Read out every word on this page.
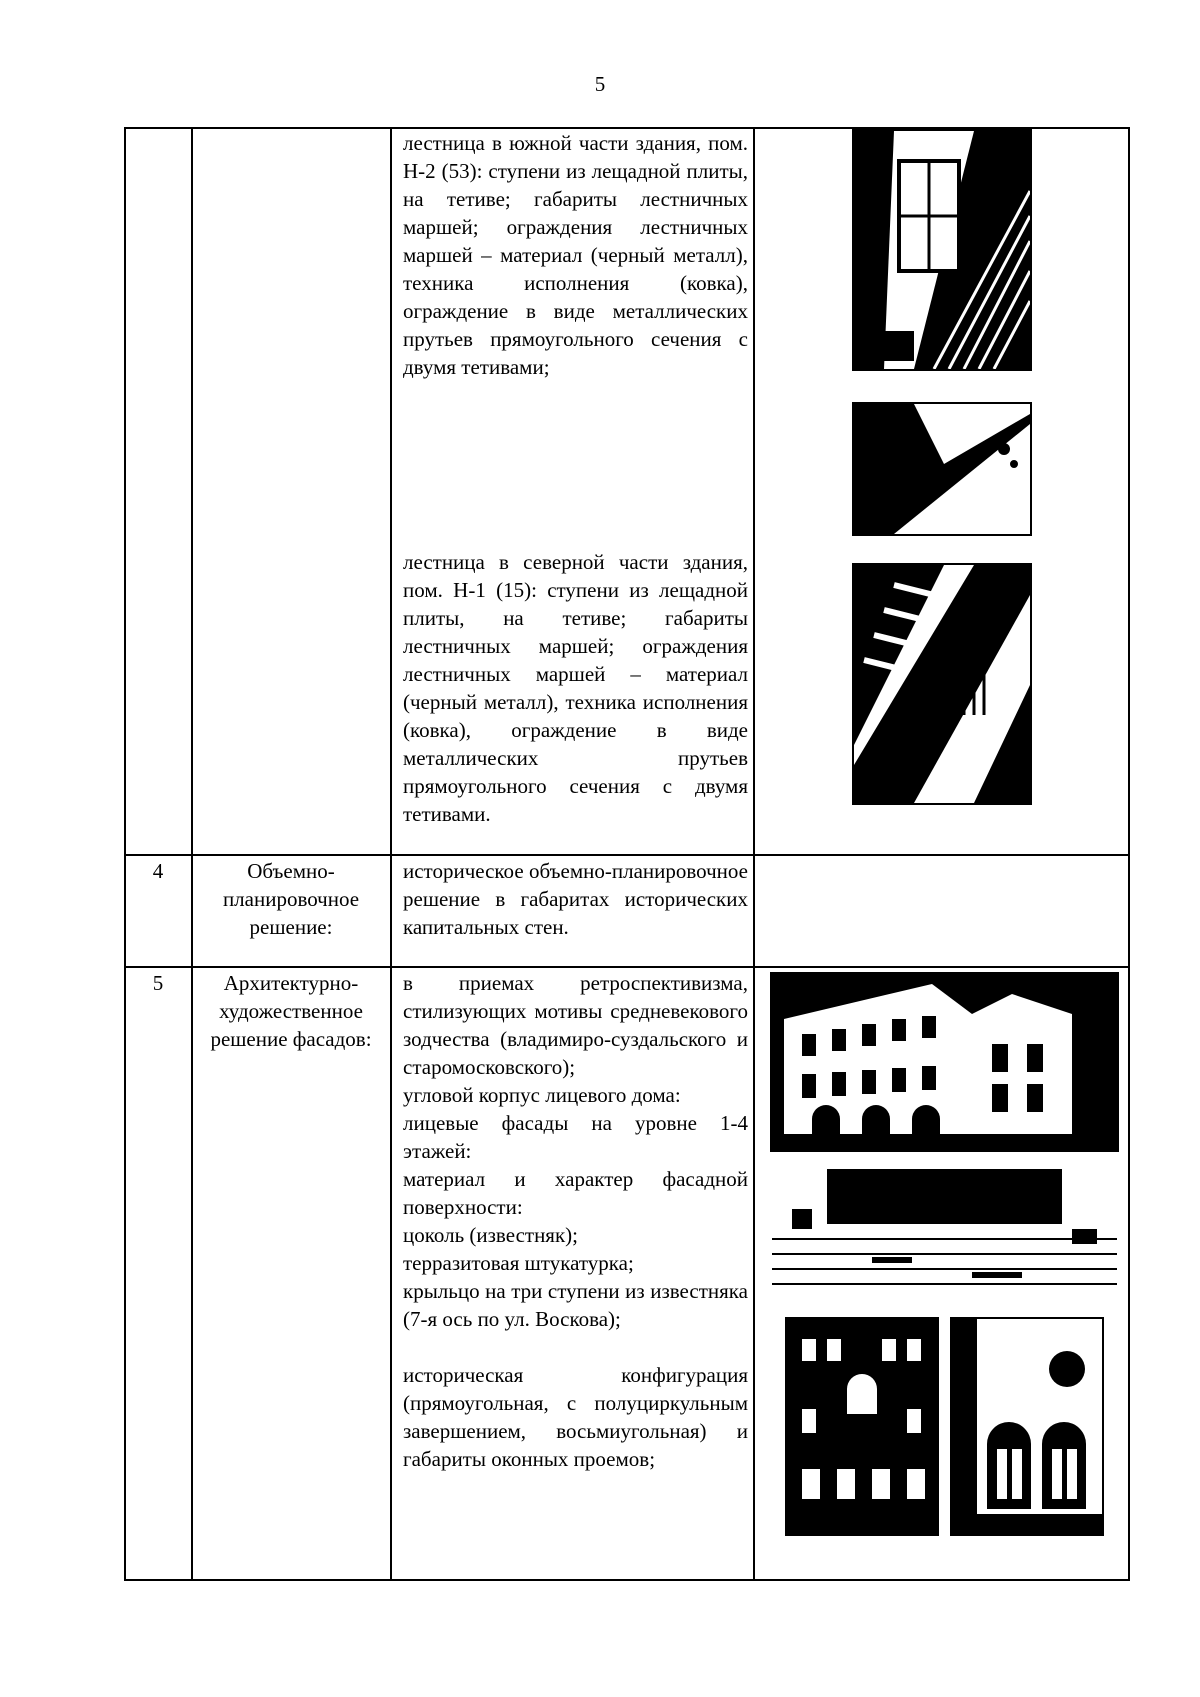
5

лестница в южной части здания, пом. Н-2 (53): ступени из лещадной плиты, на тетиве; габариты лестничных маршей; ограждения лестничных маршей – материал (черный металл), техника исполнения (ковка), ограждение в виде металлических прутьев прямоугольного сечения с двумя тетивами;

лестница в северной части здания, пом. Н-1 (15): ступени из лещадной плиты, на тетиве; габариты лестничных маршей; ограждения лестничных маршей – материал (черный металл), техника исполнения (ковка), ограждение в виде металлических прутьев прямоугольного сечения с двумя тетивами.

4	Объемно-планировочное решение:

историческое объемно-планировочное решение в габаритах исторических капитальных стен.

5	Архитектурно-художественное решение фасадов:

в приемах ретроспективизма, стилизующих мотивы средневекового зодчества (владимиро-суздальского и старомосковского);

угловой корпус лицевого дома:

лицевые фасады на уровне 1-4 этажей:

материал и характер фасадной поверхности:

цоколь (известняк);

терразитовая штукатурка;

крыльцо на три ступени из известняка (7-я ось по ул. Воскова);

историческая конфигурация (прямоугольная, с полуциркульным завершением, восьмиугольная) и габариты оконных проемов;
